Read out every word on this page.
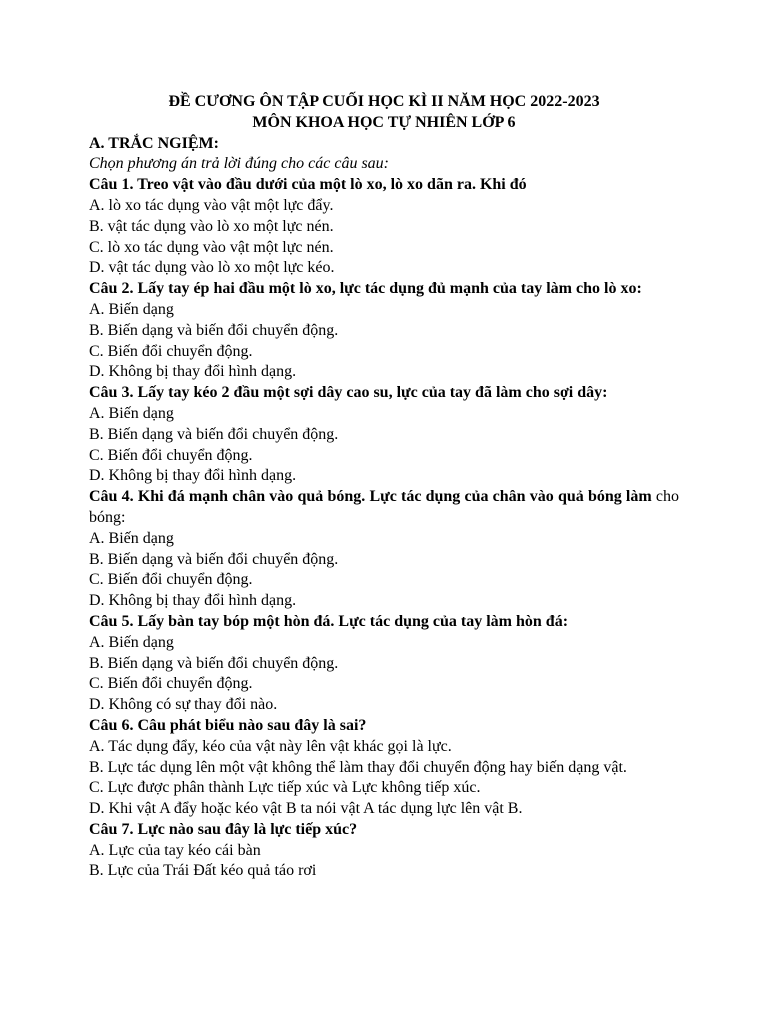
ĐỀ CƯƠNG ÔN TẬP CUỐI HỌC KÌ II NĂM HỌC 2022-2023
MÔN KHOA HỌC TỰ NHIÊN LỚP 6
A. TRẮC NGIỆM:
Chọn phương án trả lời đúng cho các câu sau:
Câu 1. Treo vật vào đầu dưới của một lò xo, lò xo dãn ra. Khi đó
A. lò xo tác dụng vào vật một lực đẩy.
B. vật tác dụng vào lò xo một lực nén.
C. lò xo tác dụng vào vật một lực nén.
D. vật tác dụng vào lò xo một lực kéo.
Câu 2. Lấy tay ép hai đầu một lò xo, lực tác dụng đủ mạnh của tay làm cho lò xo:
A. Biến dạng
B. Biến dạng và biến đổi chuyển động.
C. Biến đổi chuyển động.
D. Không bị thay đổi hình dạng.
Câu 3. Lấy tay kéo 2 đầu một sợi dây cao su, lực của tay đã làm cho sợi dây:
A. Biến dạng
B. Biến dạng và biến đổi chuyển động.
C. Biến đổi chuyển động.
D. Không bị thay đổi hình dạng.
Câu 4. Khi đá mạnh chân vào quả bóng. Lực tác dụng của chân vào quả bóng làm cho bóng:
A. Biến dạng
B. Biến dạng và biến đổi chuyển động.
C. Biến đổi chuyển động.
D. Không bị thay đổi hình dạng.
Câu 5. Lấy bàn tay bóp một hòn đá. Lực tác dụng của tay làm hòn đá:
A. Biến dạng
B. Biến dạng và biến đổi chuyển động.
C. Biến đổi chuyển động.
D. Không có sự thay đổi nào.
Câu 6. Câu phát biểu nào sau đây là sai?
A. Tác dụng đẩy, kéo của vật này lên vật khác gọi là lực.
B. Lực tác dụng lên một vật không thể làm thay đổi chuyển động hay biến dạng vật.
C. Lực được phân thành Lực tiếp xúc và Lực không tiếp xúc.
D. Khi vật A đẩy hoặc kéo vật B ta nói vật A tác dụng lực lên vật B.
Câu 7. Lực nào sau đây là lực tiếp xúc?
A. Lực của tay kéo cái bàn
B. Lực của Trái Đất kéo quả táo rơi
